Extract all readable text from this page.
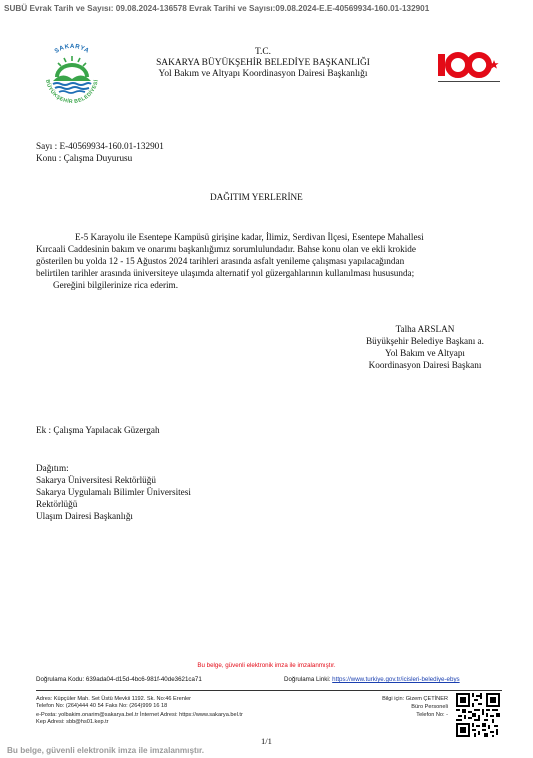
SUBÜ Evrak Tarih ve Sayısı: 09.08.2024-136578 Evrak Tarihi ve Sayısı:09.08.2024-E.E-40569934-160.01-132901
SAKARYA
BÜYÜKŞEHİR BELEDİYESİ
T.C.
SAKARYA BÜYÜKŞEHİR BELEDİYE BAŞKANLIĞI
Yol Bakım ve Altyapı Koordinasyon Dairesi Başkanlığı
Sayı : E-40569934-160.01-132901
Konu : Çalışma Duyurusu
DAĞITIM YERLERİNE
E-5 Karayolu ile Esentepe Kampüsü girişine kadar, İlimiz, Serdivan İlçesi, Esentepe Mahallesi
Kırcaali Caddesinin bakım ve onarımı başkanlığımız sorumlulundadır. Bahse konu olan ve ekli krokide
gösterilen bu yolda 12 - 15 Ağustos 2024 tarihleri arasında asfalt yenileme çalışması yapılacağından
belirtilen tarihler arasında üniversiteye ulaşımda alternatif yol güzergahlarının kullanılması hususunda;
Gereğini bilgilerinize rica ederim.
Talha ARSLAN
Büyükşehir Belediye Başkanı a.
Yol Bakım ve Altyapı
Koordinasyon Dairesi Başkanı
Ek : Çalışma Yapılacak Güzergah
Dağıtım:
Sakarya Üniversitesi Rektörlüğü
Sakarya Uygulamalı Bilimler Üniversitesi
Rektörlüğü
Ulaşım Dairesi Başkanlığı
Bu belge, güvenli elektronik imza ile imzalanmıştır.
Doğrulama Kodu: 639ada04-d15d-4bc6-981f-40de3621ca71	Doğrulama Linki: https://www.turkiye.gov.tr/icisleri-belediye-ebys
Adres: Küpçüler Mah. Set Üstü Mevkii 1192. Sk. No:46 Erenler
Telefon No: (264)444 40 54 Faks No: (264)999 16 18
e-Posta: yolbakim.onarim@sakarya.bel.tr İnternet Adresi: https://www.sakarya.bel.tr
Kep Adresi: sbb@hs01.kep.tr
Bilgi için: Gizem ÇETİNER
Büro Personeli
Telefon No: -
1/1
Bu belge, güvenli elektronik imza ile imzalanmıştır.
